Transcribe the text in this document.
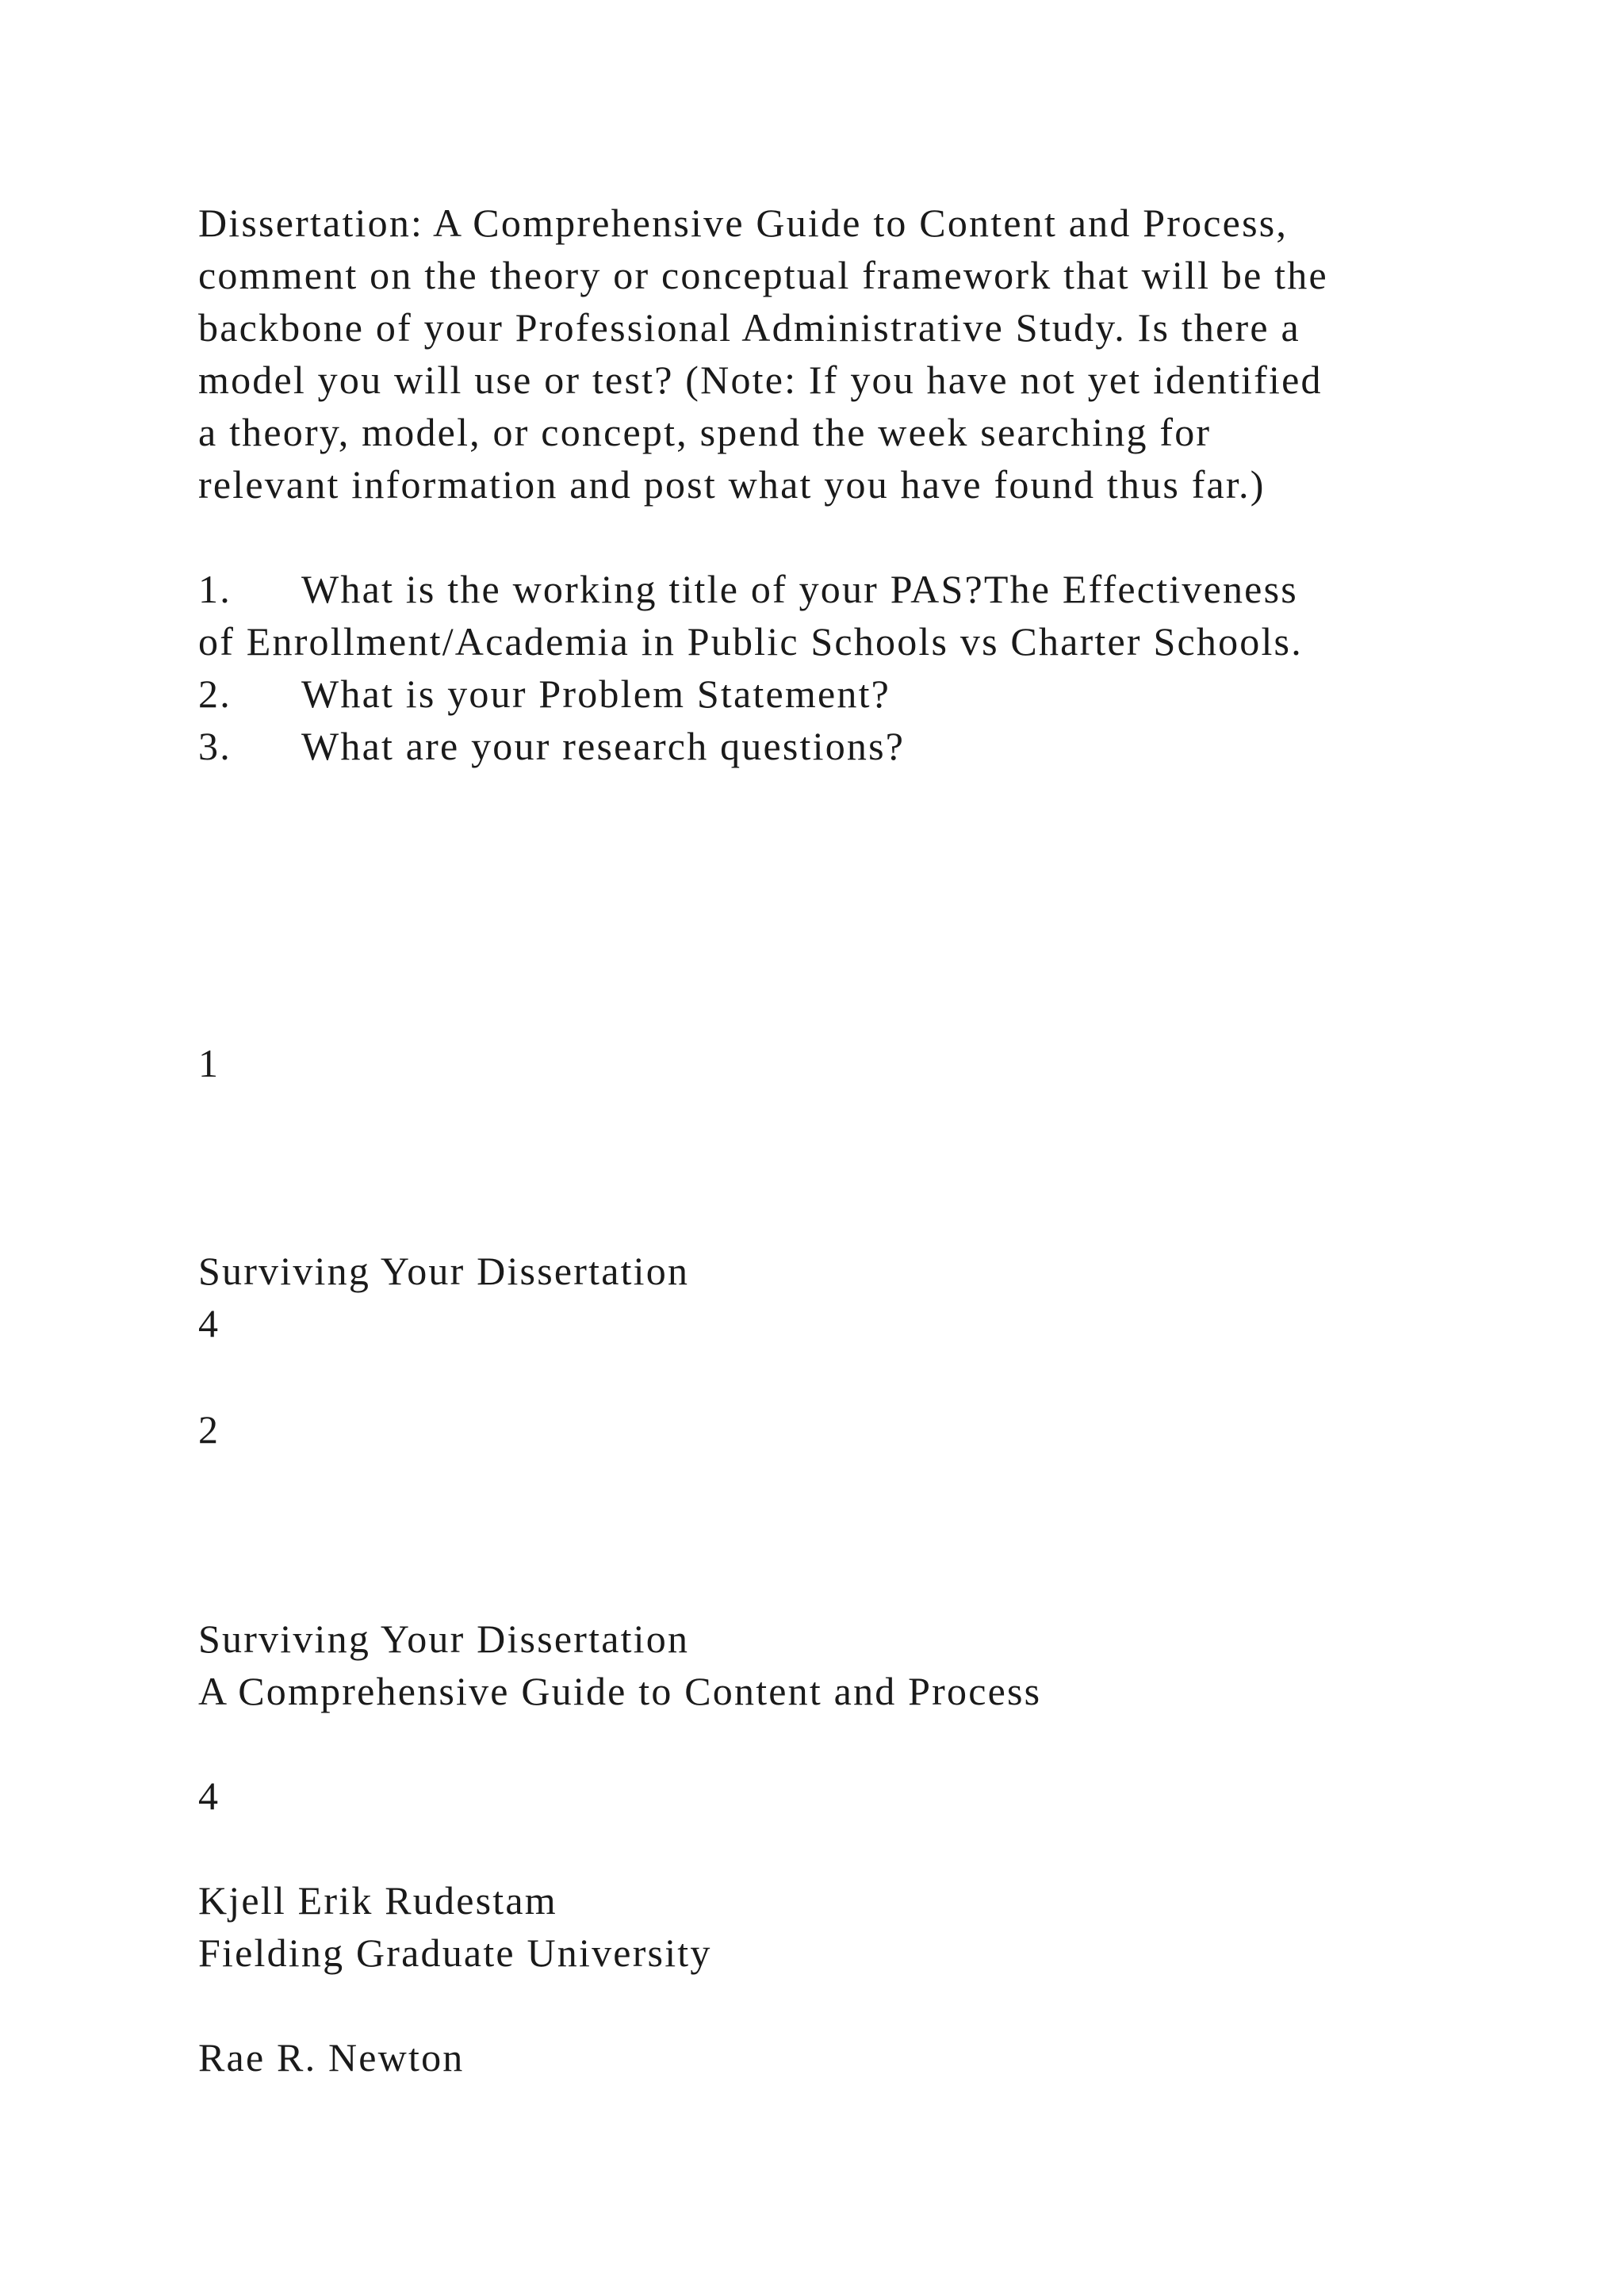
Dissertation: A Comprehensive Guide to Content and Process,

comment on the theory or conceptual framework that will be the

backbone of your Professional Administrative Study. Is there a

model you will use or test? (Note: If you have not yet identified

a theory, model, or concept, spend the week searching for

relevant information and post what you have found thus far.)

1. What is the working title of your PAS?The Effectiveness

of Enrollment/Academia in Public Schools vs Charter Schools.

2. What is your Problem Statement?

3. What are your research questions?

1

Surviving Your Dissertation

4

2

Surviving Your Dissertation

A Comprehensive Guide to Content and Process

4

Kjell Erik Rudestam

Fielding Graduate University

Rae R. Newton
